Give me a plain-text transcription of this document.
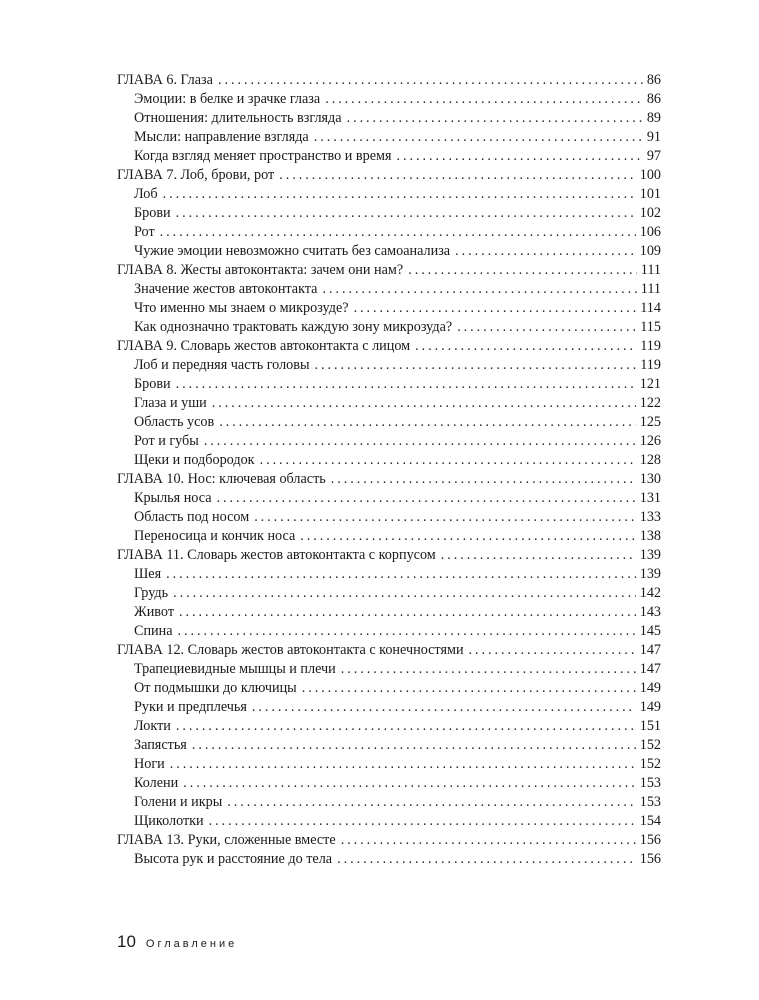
ГЛАВА 6. Глаза . . .	86
Эмоции: в белке и зрачке глаза . . .	86
Отношения: длительность взгляда . . .	89
Мысли: направление взгляда . . .	91
Когда взгляд меняет пространство и время . . .	97
ГЛАВА 7. Лоб, брови, рот . . .	100
Лоб . . .	101
Брови . . .	102
Рот . . .	106
Чужие эмоции невозможно считать без самоанализа . . .	109
ГЛАВА 8. Жесты автоконтакта: зачем они нам? . . .	111
Значение жестов автоконтакта . . .	111
Что именно мы знаем о микрозуде? . . .	114
Как однозначно трактовать каждую зону микрозуда? . . .	115
ГЛАВА 9. Словарь жестов автоконтакта с лицом . . .	119
Лоб и передняя часть головы . . .	119
Брови . . .	121
Глаза и уши . . .	122
Область усов . . .	125
Рот и губы . . .	126
Щеки и подбородок . . .	128
ГЛАВА 10. Нос: ключевая область . . .	130
Крылья носа . . .	131
Область под носом . . .	133
Переносица и кончик носа . . .	138
ГЛАВА 11. Словарь жестов автоконтакта с корпусом . . .	139
Шея . . .	139
Грудь . . .	142
Живот . . .	143
Спина . . .	145
ГЛАВА 12. Словарь жестов автоконтакта с конечностями . . .	147
Трапециевидные мышцы и плечи . . .	147
От подмышки до ключицы . . .	149
Руки и предплечья . . .	149
Локти . . .	151
Запястья . . .	152
Ноги . . .	152
Колени . . .	153
Голени и икры . . .	153
Щиколотки . . .	154
ГЛАВА 13. Руки, сложенные вместе . . .	156
Высота рук и расстояние до тела . . .	156
10 Оглавление
